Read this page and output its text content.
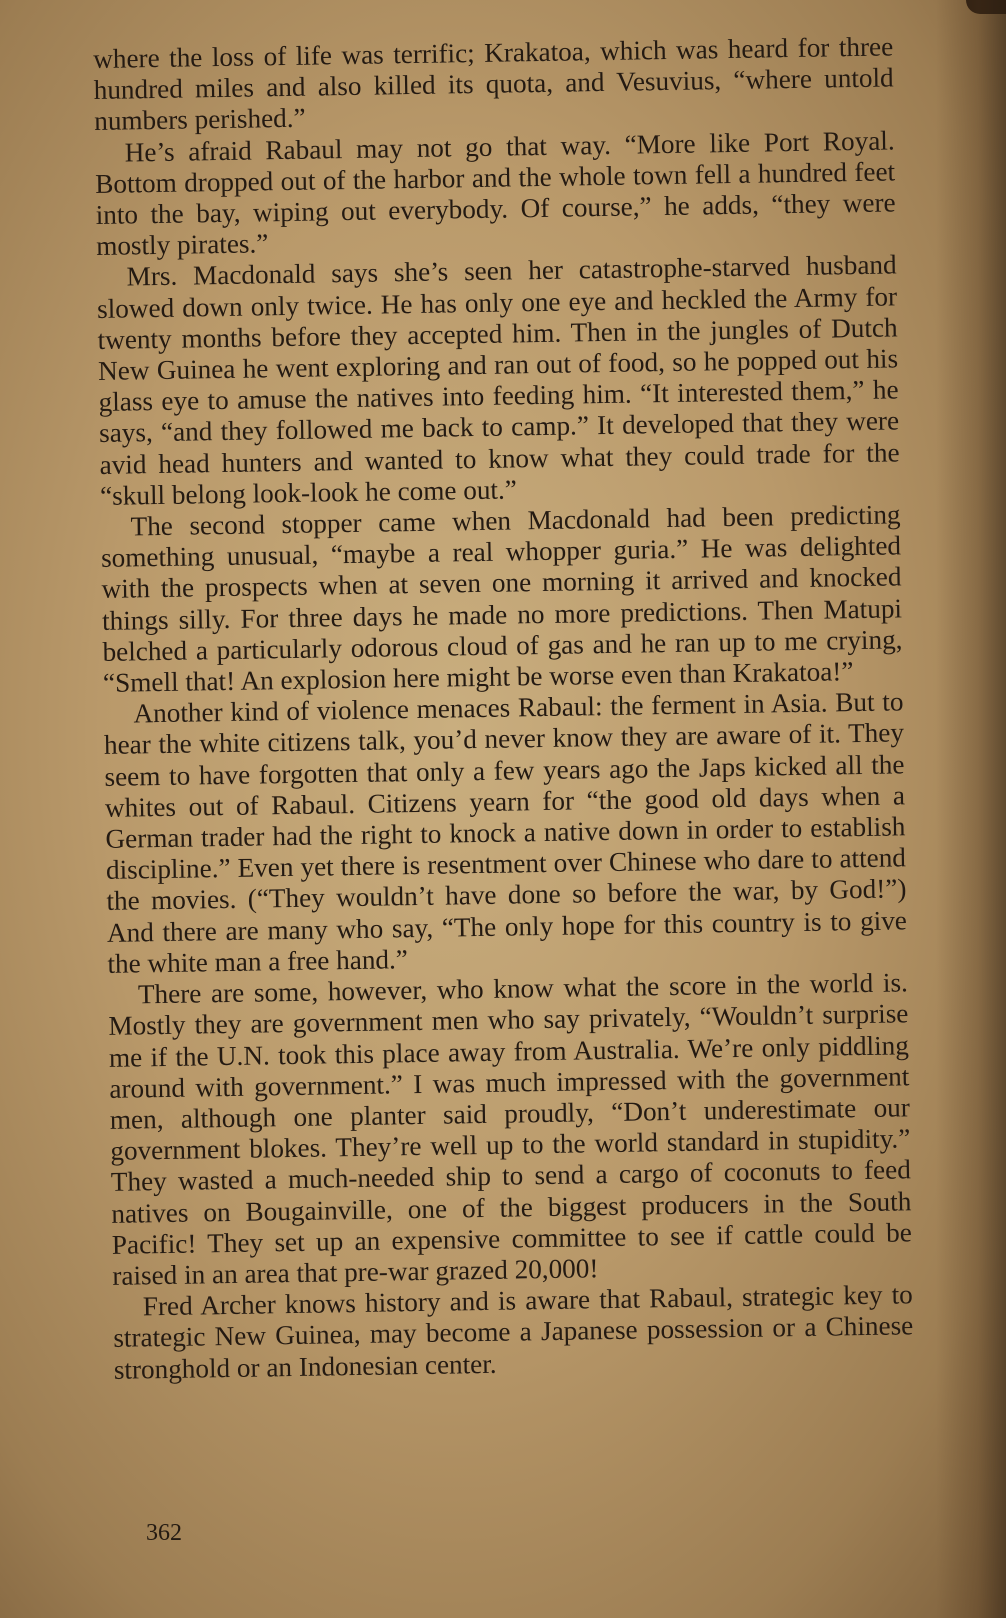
where the loss of life was terrific; Krakatoa, which was heard for three hundred miles and also killed its quota, and Vesuvius, “where untold numbers perished.”

He’s afraid Rabaul may not go that way. “More like Port Royal. Bottom dropped out of the harbor and the whole town fell a hundred feet into the bay, wiping out everybody. Of course,” he adds, “they were mostly pirates.”

Mrs. Macdonald says she’s seen her catastrophe-starved husband slowed down only twice. He has only one eye and heckled the Army for twenty months before they accepted him. Then in the jungles of Dutch New Guinea he went exploring and ran out of food, so he popped out his glass eye to amuse the natives into feeding him. “It interested them,” he says, “and they followed me back to camp.” It developed that they were avid head hunters and wanted to know what they could trade for the “skull belong look-look he come out.”

The second stopper came when Macdonald had been predicting something unusual, “maybe a real whopper guria.” He was delighted with the prospects when at seven one morning it arrived and knocked things silly. For three days he made no more predictions. Then Matupi belched a particularly odorous cloud of gas and he ran up to me crying, “Smell that! An explosion here might be worse even than Krakatoa!”

Another kind of violence menaces Rabaul: the ferment in Asia. But to hear the white citizens talk, you’d never know they are aware of it. They seem to have forgotten that only a few years ago the Japs kicked all the whites out of Rabaul. Citizens yearn for “the good old days when a German trader had the right to knock a native down in order to establish discipline.” Even yet there is resentment over Chinese who dare to attend the movies. (“They wouldn’t have done so before the war, by God!”) And there are many who say, “The only hope for this country is to give the white man a free hand.”

There are some, however, who know what the score in the world is. Mostly they are government men who say privately, “Wouldn’t surprise me if the U.N. took this place away from Australia. We’re only piddling around with government.” I was much impressed with the government men, although one planter said proudly, “Don’t underestimate our government blokes. They’re well up to the world standard in stupidity.” They wasted a much-needed ship to send a cargo of coconuts to feed natives on Bougainville, one of the biggest producers in the South Pacific! They set up an expensive committee to see if cattle could be raised in an area that pre-war grazed 20,000!

Fred Archer knows history and is aware that Rabaul, strategic key to strategic New Guinea, may become a Japanese possession or a Chinese stronghold or an Indonesian center.

362
